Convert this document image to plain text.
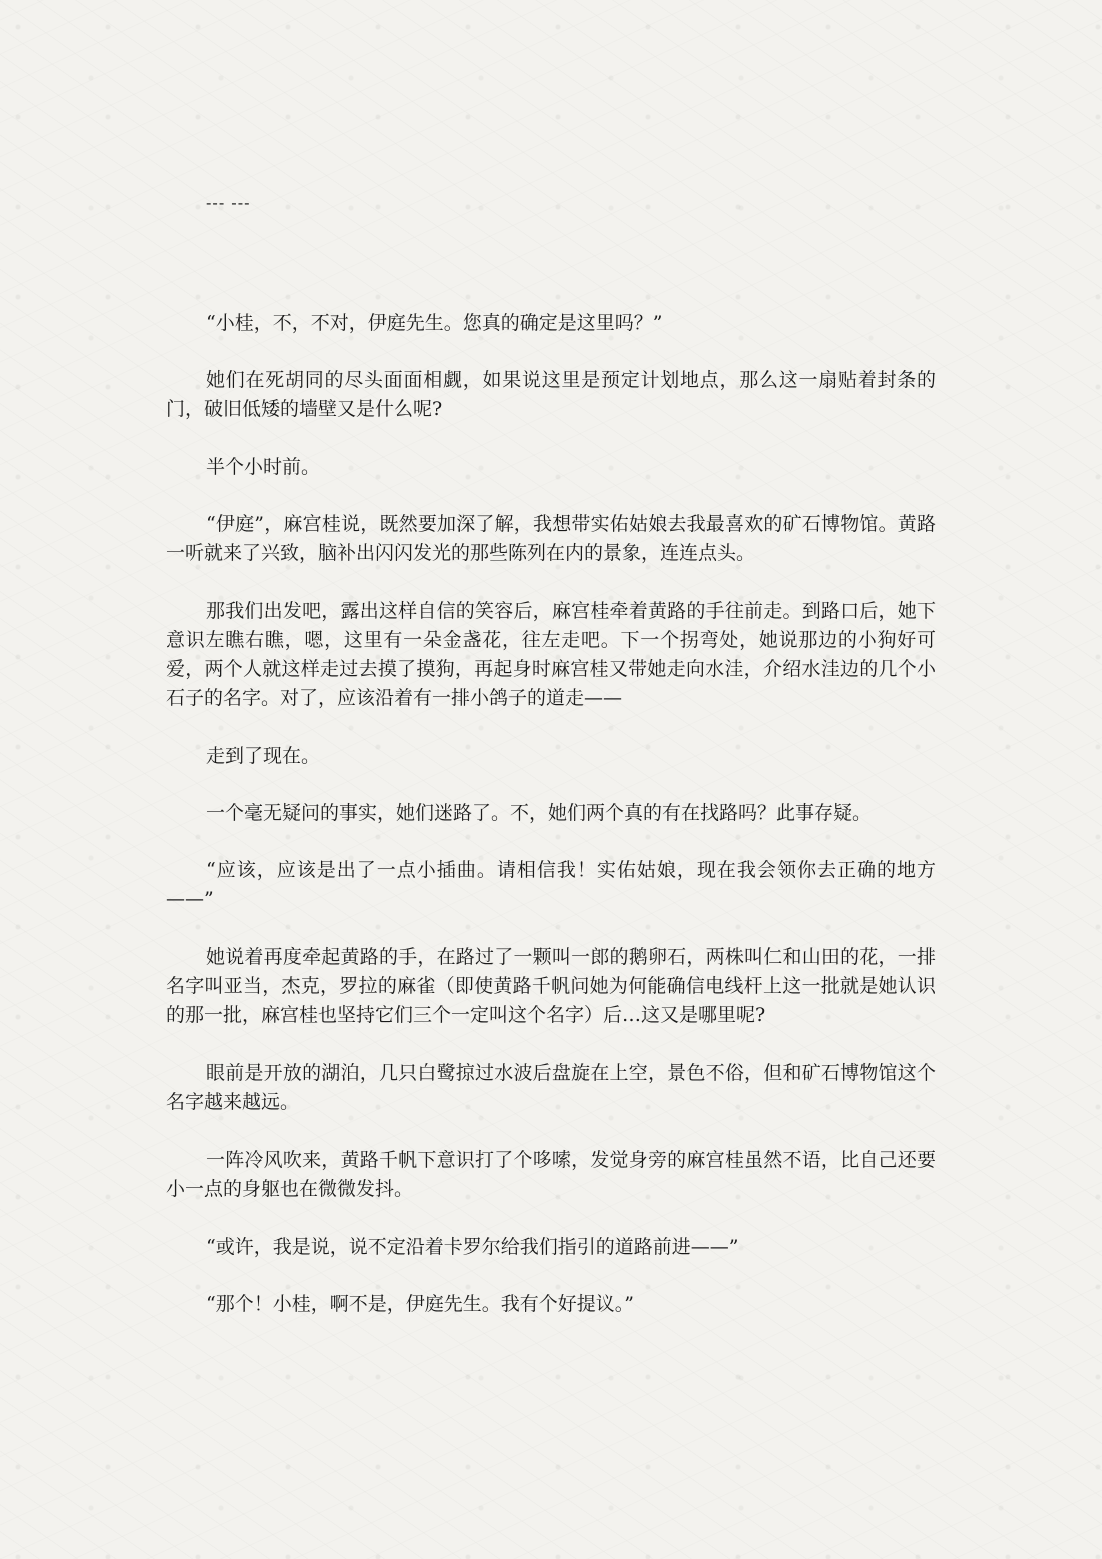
--- ---

“小桂，不，不对，伊庭先生。您真的确定是这里吗？”

她们在死胡同的尽头面面相觑，如果说这里是预定计划地点，那么这一扇贴着封条的门，破旧低矮的墙壁又是什么呢?

半个小时前。

“伊庭”，麻宫桂说，既然要加深了解，我想带实佑姑娘去我最喜欢的矿石博物馆。黄路一听就来了兴致，脑补出闪闪发光的那些陈列在内的景象，连连点头。

那我们出发吧，露出这样自信的笑容后，麻宫桂牵着黄路的手往前走。到路口后，她下意识左瞧右瞧，嗯，这里有一朵金盏花，往左走吧。下一个拐弯处，她说那边的小狗好可爱，两个人就这样走过去摸了摸狗，再起身时麻宫桂又带她走向水洼，介绍水洼边的几个小石子的名字。对了，应该沿着有一排小鸽子的道走——

走到了现在。

一个毫无疑问的事实，她们迷路了。不，她们两个真的有在找路吗？此事存疑。

“应该，应该是出了一点小插曲。请相信我！实佑姑娘，现在我会领你去正确的地方——”

她说着再度牵起黄路的手，在路过了一颗叫一郎的鹅卵石，两株叫仁和山田的花，一排名字叫亚当，杰克，罗拉的麻雀（即使黄路千帆问她为何能确信电线杆上这一批就是她认识的那一批，麻宫桂也坚持它们三个一定叫这个名字）后…这又是哪里呢?

眼前是开放的湖泊，几只白鹭掠过水波后盘旋在上空，景色不俗，但和矿石博物馆这个名字越来越远。

一阵冷风吹来，黄路千帆下意识打了个哆嗦，发觉身旁的麻宫桂虽然不语，比自己还要小一点的身躯也在微微发抖。

“或许，我是说，说不定沿着卡罗尔给我们指引的道路前进——”

“那个！小桂，啊不是，伊庭先生。我有个好提议。”
